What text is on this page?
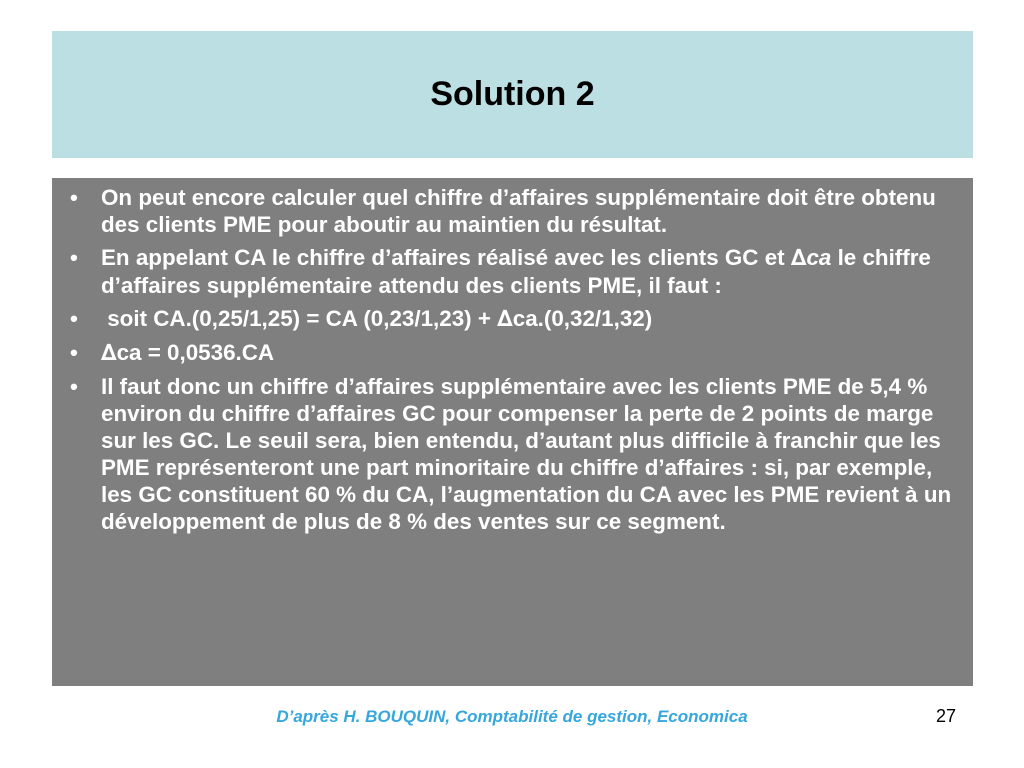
Solution 2
• On peut encore calculer quel chiffre d’affaires supplémentaire doit être obtenu des clients PME pour aboutir au maintien du résultat.
• En appelant CA le chiffre d’affaires réalisé avec les clients GC et ∆ca le chiffre d’affaires supplémentaire attendu des clients PME, il faut :
• soit CA.(0,25/1,25) = CA (0,23/1,23) + ∆ca.(0,32/1,32)
• ∆ca = 0,0536.CA
• Il faut donc un chiffre d’affaires supplémentaire avec les clients PME de 5,4 % environ du chiffre d’affaires GC pour compenser la perte de 2 points de marge sur les GC. Le seuil sera, bien entendu, d’autant plus difficile à franchir que les PME représenteront une part minoritaire du chiffre d’affaires : si, par exemple, les GC constituent 60 % du CA, l’augmentation du CA avec les PME revient à un développement de plus de 8 % des ventes sur ce segment.
D’après H. BOUQUIN, Comptabilité de gestion, Economica	27
